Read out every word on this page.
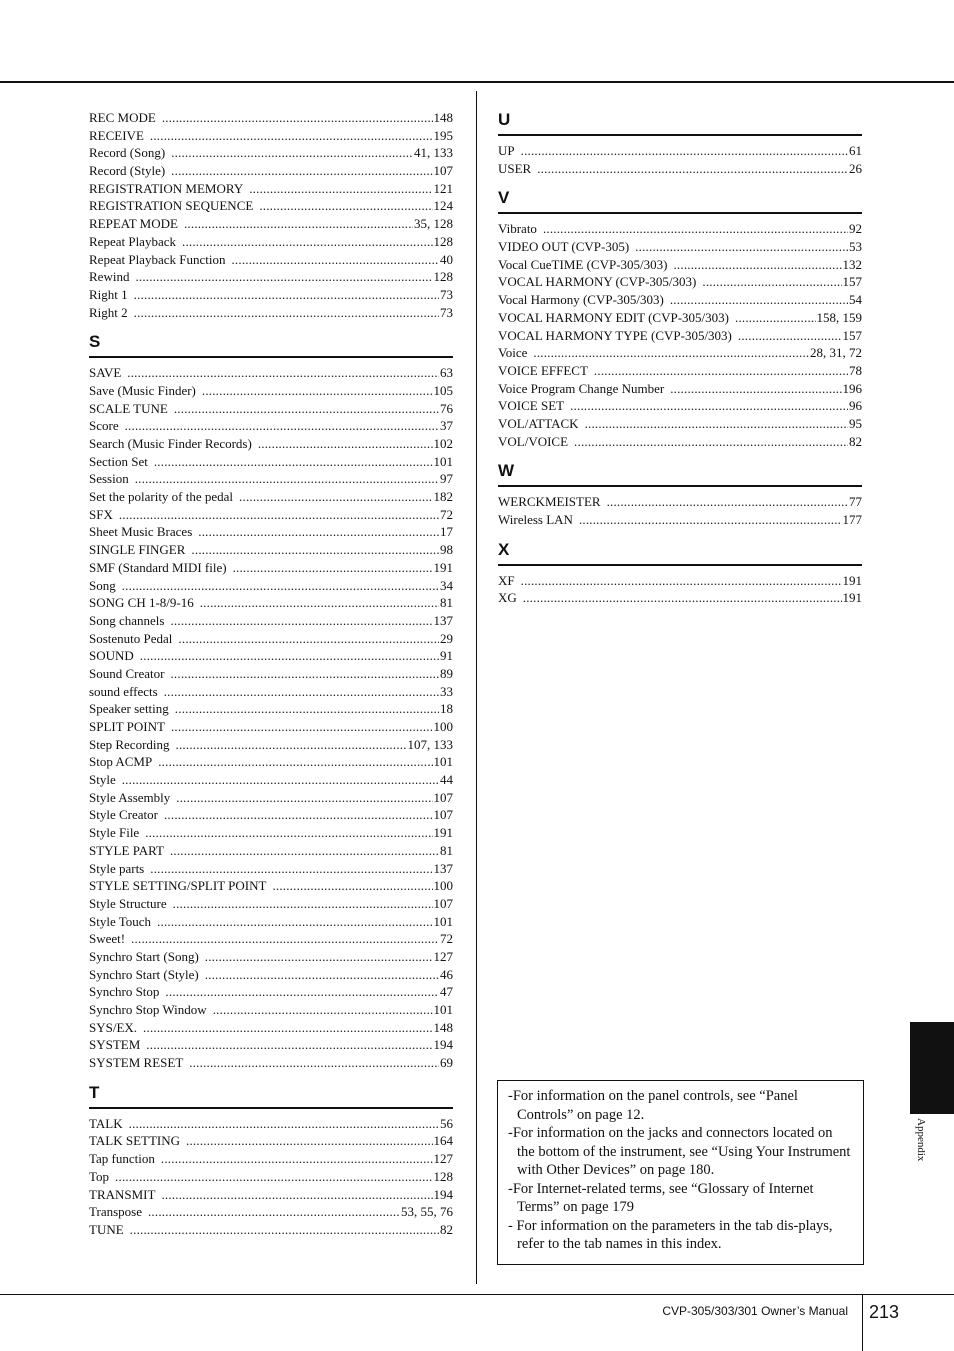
REC MODE .....	148
RECEIVE .....	195
Record (Song) .....	41, 133
Record (Style) .....	107
REGISTRATION MEMORY .....	121
REGISTRATION SEQUENCE .....	124
REPEAT MODE .....	35, 128
Repeat Playback .....	128
Repeat Playback Function .....	40
Rewind .....	128
Right 1 .....	73
Right 2 .....	73
S
SAVE .....	63
Save (Music Finder) .....	105
SCALE TUNE .....	76
Score .....	37
Search (Music Finder Records) .....	102
Section Set .....	101
Session .....	97
Set the polarity of the pedal .....	182
SFX .....	72
Sheet Music Braces .....	17
SINGLE FINGER .....	98
SMF (Standard MIDI file) .....	191
Song .....	34
SONG CH 1-8/9-16 .....	81
Song channels .....	137
Sostenuto Pedal .....	29
SOUND .....	91
Sound Creator .....	89
sound effects .....	33
Speaker setting .....	18
SPLIT POINT .....	100
Step Recording .....	107, 133
Stop ACMP .....	101
Style .....	44
Style Assembly .....	107
Style Creator .....	107
Style File .....	191
STYLE PART .....	81
Style parts .....	137
STYLE SETTING/SPLIT POINT .....	100
Style Structure .....	107
Style Touch .....	101
Sweet! .....	72
Synchro Start (Song) .....	127
Synchro Start (Style) .....	46
Synchro Stop .....	47
Synchro Stop Window .....	101
SYS/EX. .....	148
SYSTEM .....	194
SYSTEM RESET .....	69
T
TALK .....	56
TALK SETTING .....	164
Tap function .....	127
Top .....	128
TRANSMIT .....	194
Transpose .....	53, 55, 76
TUNE .....	82
U
UP .....	61
USER .....	26
V
Vibrato .....	92
VIDEO OUT (CVP-305) .....	53
Vocal CueTIME (CVP-305/303) .....	132
VOCAL HARMONY (CVP-305/303) .....	157
Vocal Harmony (CVP-305/303) .....	54
VOCAL HARMONY EDIT (CVP-305/303) .....	158, 159
VOCAL HARMONY TYPE (CVP-305/303) .....	157
Voice .....	28, 31, 72
VOICE EFFECT .....	78
Voice Program Change Number .....	196
VOICE SET .....	96
VOL/ATTACK .....	95
VOL/VOICE .....	82
W
WERCKMEISTER .....	77
Wireless LAN .....	177
X
XF .....	191
XG .....	191
-For information on the panel controls, see “Panel Controls” on page 12.
-For information on the jacks and connectors located on the bottom of the instrument, see “Using Your Instrument with Other Devices” on page 180.
-For Internet-related terms, see “Glossary of Internet Terms” on page 179
- For information on the parameters in the tab dis-plays, refer to the tab names in this index.
Appendix
CVP-305/303/301 Owner’s Manual 213
